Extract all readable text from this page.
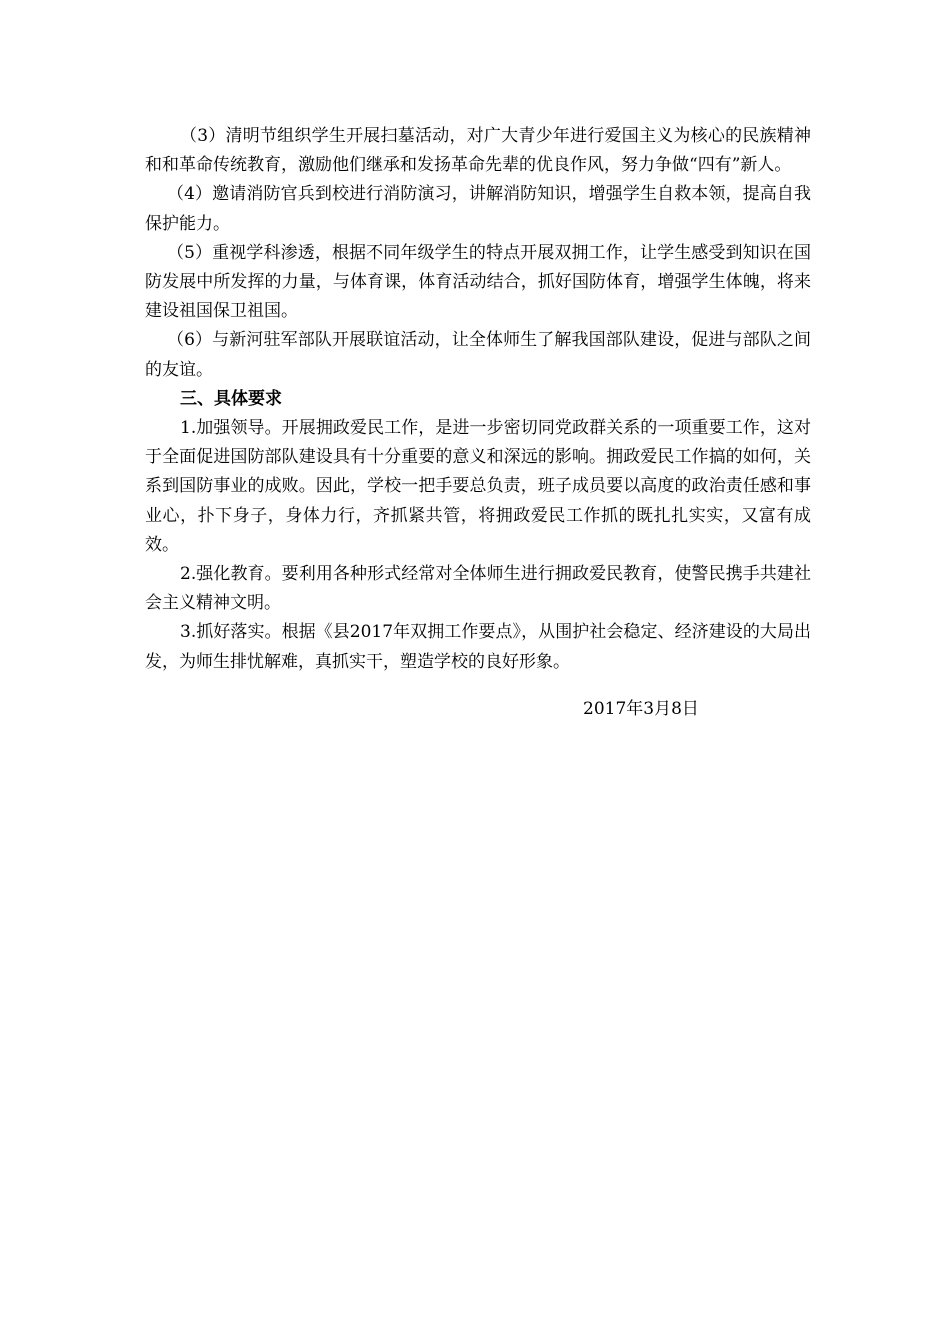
（3）清明节组织学生开展扫墓活动，对广大青少年进行爱国主义为核心的民族精神和和革命传统教育，激励他们继承和发扬革命先辈的优良作风，努力争做“四有”新人。

（4）邀请消防官兵到校进行消防演习，讲解消防知识，增强学生自救本领，提高自我保护能力。

（5）重视学科渗透，根据不同年级学生的特点开展双拥工作，让学生感受到知识在国防发展中所发挥的力量，与体育课，体育活动结合，抓好国防体育，增强学生体魄，将来建设祖国保卫祖国。

（6）与新河驻军部队开展联谊活动，让全体师生了解我国部队建设，促进与部队之间的友谊。

三、具体要求

1.加强领导。开展拥政爱民工作，是进一步密切同党政群关系的一项重要工作，这对于全面促进国防部队建设具有十分重要的意义和深远的影响。拥政爱民工作搞的如何，关系到国防事业的成败。因此，学校一把手要总负责，班子成员要以高度的政治责任感和事业心，扑下身子，身体力行，齐抓紧共管，将拥政爱民工作抓的既扎扎实实，又富有成效。

2.强化教育。要利用各种形式经常对全体师生进行拥政爱民教育，使警民携手共建社会主义精神文明。

3.抓好落实。根据《县2017年双拥工作要点》，从围护社会稳定、经济建设的大局出发，为师生排忧解难，真抓实干，塑造学校的良好形象。

2017年3月8日
